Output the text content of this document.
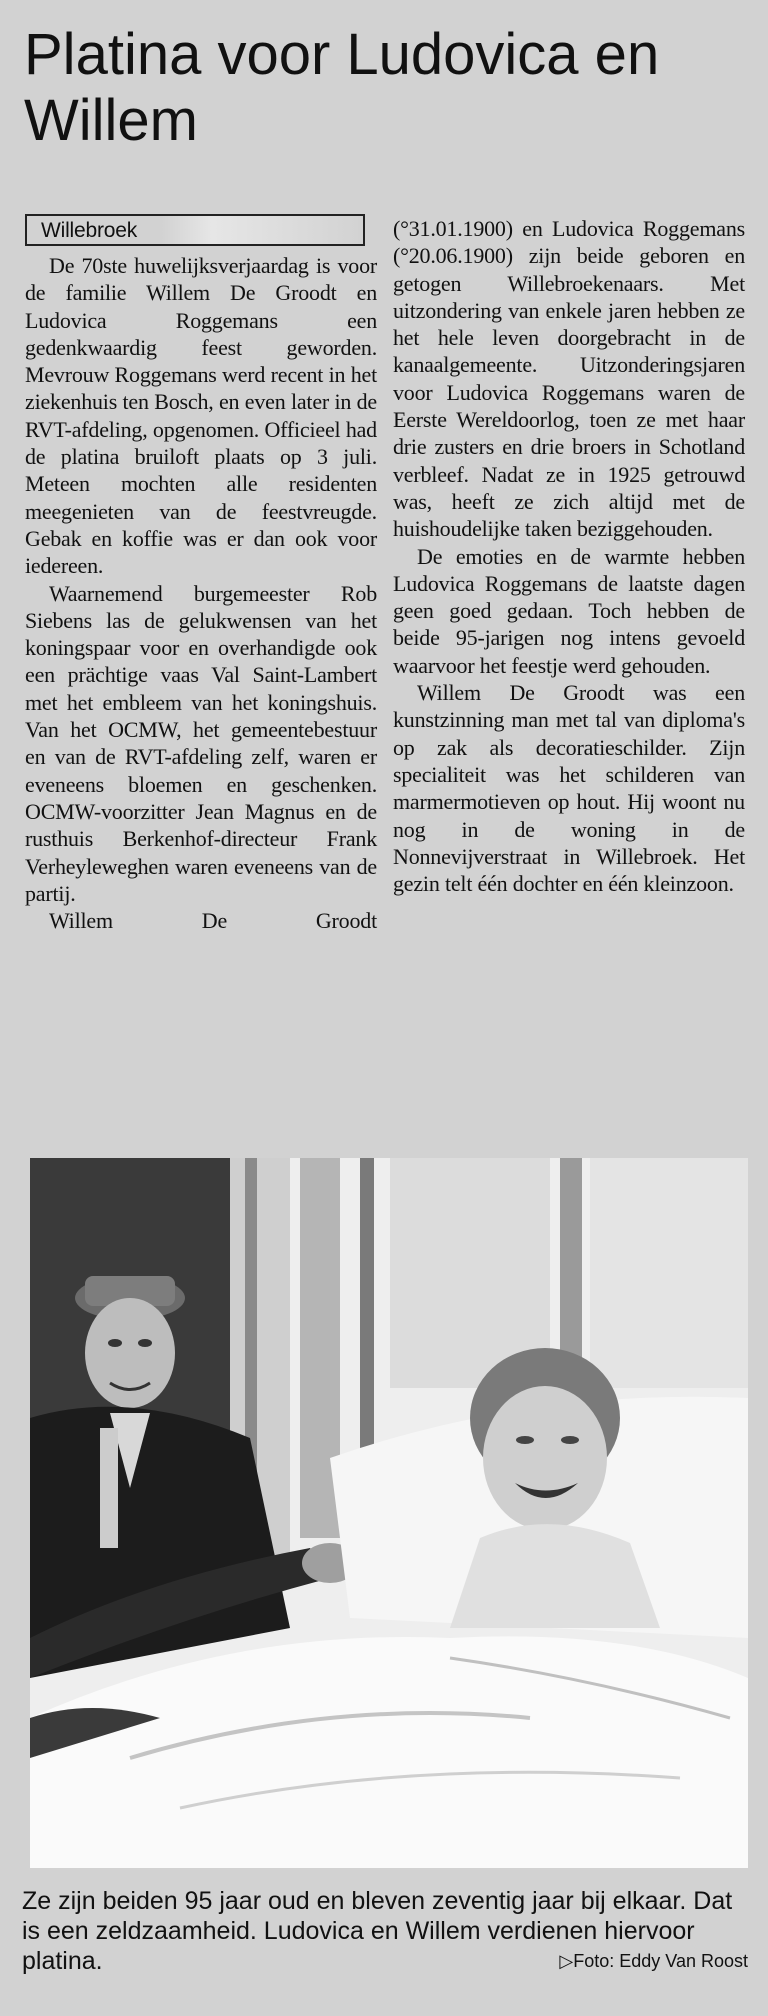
Platina voor Ludovica en Willem
Willebroek

De 70ste huwelijksverjaardag is voor de familie Willem De Groodt en Ludovica Roggemans een gedenkwaardig feest geworden. Mevrouw Roggemans werd recent in het ziekenhuis ten Bosch, en even later in de RVT-afdeling, opgenomen. Officieel had de platina bruiloft plaats op 3 juli. Meteen mochten alle residenten meegenieten van de feestvreugde. Gebak en koffie was er dan ook voor iedereen.

Waarnemend burgemeester Rob Siebens las de gelukwensen van het koningspaar voor en overhandigde ook een prächtige vaas Val Saint-Lambert met het embleem van het koningshuis. Van het OCMW, het gemeentebestuur en van de RVT-afdeling zelf, waren er eveneens bloemen en geschenken. OCMW-voorzitter Jean Magnus en de rusthuis Berkenhof-directeur Frank Verheyleweghen waren eveneens van de partij.

Willem De Groodt

(°31.01.1900) en Ludovica Roggemans (°20.06.1900) zijn beide geboren en getogen Willebroekenaars. Met uitzondering van enkele jaren hebben ze het hele leven doorgebracht in de kanaalgemeente. Uitzonderingsjaren voor Ludovica Roggemans waren de Eerste Wereldoorlog, toen ze met haar drie zusters en drie broers in Schotland verbleef. Nadat ze in 1925 getrouwd was, heeft ze zich altijd met de huishoudelijke taken beziggehouden.

De emoties en de warmte hebben Ludovica Roggemans de laatste dagen geen goed gedaan. Toch hebben de beide 95-jarigen nog intens gevoeld waarvoor het feestje werd gehouden.

Willem De Groodt was een kunstzinning man met tal van diploma's op zak als decoratieschilder. Zijn specialiteit was het schilderen van marmermotieven op hout. Hij woont nu nog in de woning in de Nonnevijverstraat in Willebroek. Het gezin telt één dochter en één kleinzoon.

Ze zijn beiden 95 jaar oud en bleven zeventig jaar bij elkaar. Dat is een zeldzaamheid. Ludovica en Willem verdienen hiervoor platina.	▷Foto: Eddy Van Roost
